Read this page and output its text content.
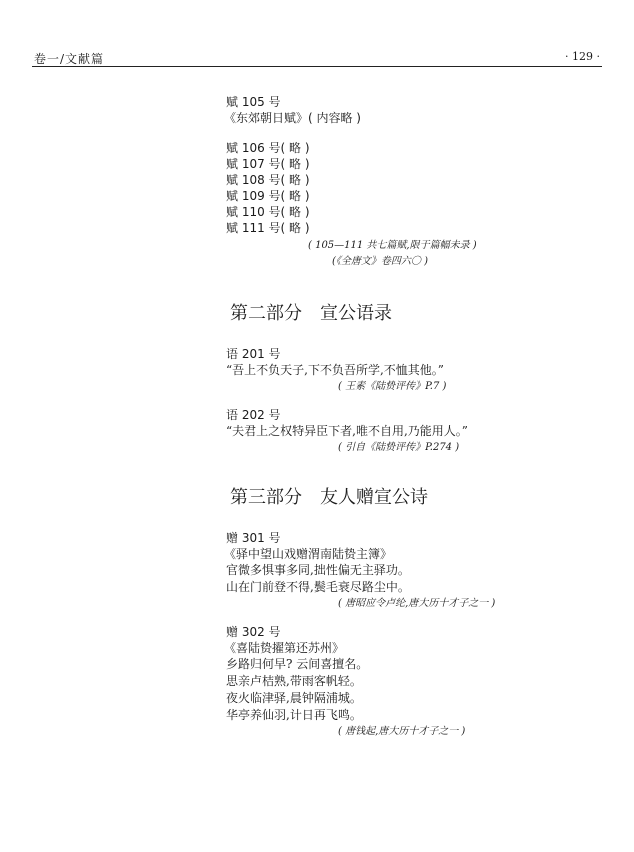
卷一/文献篇	· 129 ·
赋 105 号
《东郊朝日赋》( 内容略 )
赋 106 号( 略 )
赋 107 号( 略 )
赋 108 号( 略 )
赋 109 号( 略 )
赋 110 号( 略 )
赋 111 号( 略 )
( 105—111 共七篇赋,限于篇幅未录 )
(《全唐文》卷四六〇 )
第二部分　宣公语录
语 201 号
“吾上不负天子,下不负吾所学,不恤其他。”
( 王素《陆贽评传》P.7 )
语 202 号
“夫君上之权特异臣下者,唯不自用,乃能用人。”
( 引自《陆贽评传》P.274 )
第三部分　友人赠宣公诗
赠 301 号
《驿中望山戏赠渭南陆贽主簿》
官微多惧事多同,拙性偏无主驿功。
山在门前登不得,鬓毛衰尽路尘中。
( 唐昭应令卢纶,唐大历十才子之一 )
赠 302 号
《喜陆贽擢第还苏州》
乡路归何早? 云间喜擅名。
思亲卢桔熟,带雨客帆轻。
夜火临津驿,晨钟隔浦城。
华亭养仙羽,计日再飞鸣。
( 唐钱起,唐大历十才子之一 )
